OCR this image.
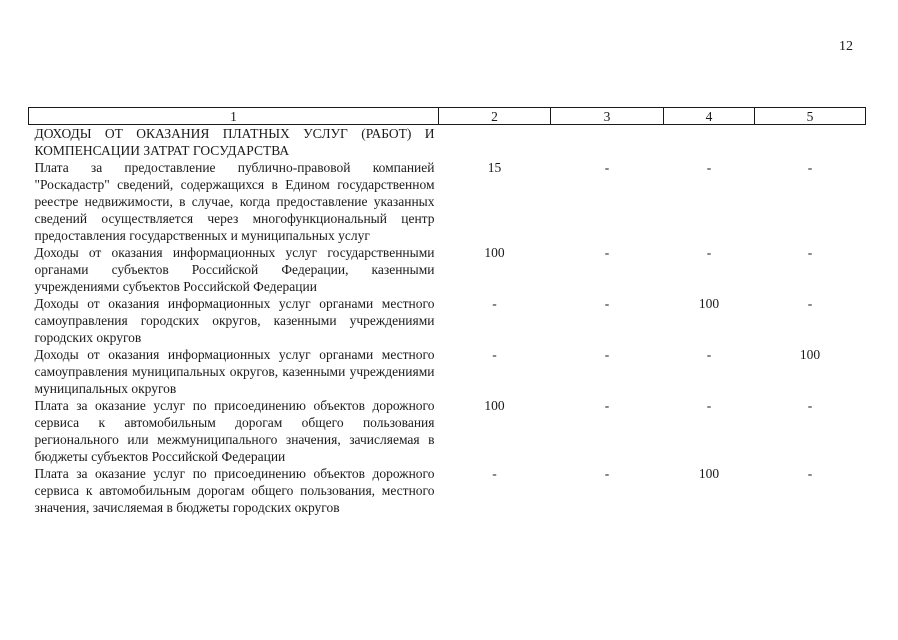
12
1	2	3	4	5
ДОХОДЫ ОТ ОКАЗАНИЯ ПЛАТНЫХ УСЛУГ (РАБОТ) И КОМПЕНСАЦИИ ЗАТРАТ ГОСУДАРСТВА				
Плата за предоставление публично-правовой компанией "Роскадастр" сведений, содержащихся в Едином государственном реестре недвижимости, в случае, когда предоставление указанных сведений осуществляется через многофункциональный центр предоставления государственных и муниципальных услуг	15	-	-	-
Доходы от оказания информационных услуг государственными органами субъектов Российской Федерации, казенными учреждениями субъектов Российской Федерации	100	-	-	-
Доходы от оказания информационных услуг органами местного самоуправления городских округов, казенными учреждениями городских округов	-	-	100	-
Доходы от оказания информационных услуг органами местного самоуправления муниципальных округов, казенными учреждениями муниципальных округов	-	-	-	100
Плата за оказание услуг по присоединению объектов дорожного сервиса к автомобильным дорогам общего пользования регионального или межмуниципального значения, зачисляемая в бюджеты субъектов Российской Федерации	100	-	-	-
Плата за оказание услуг по присоединению объектов дорожного сервиса к автомобильным дорогам общего пользования, местного значения, зачисляемая в бюджеты городских округов	-	-	100	-
